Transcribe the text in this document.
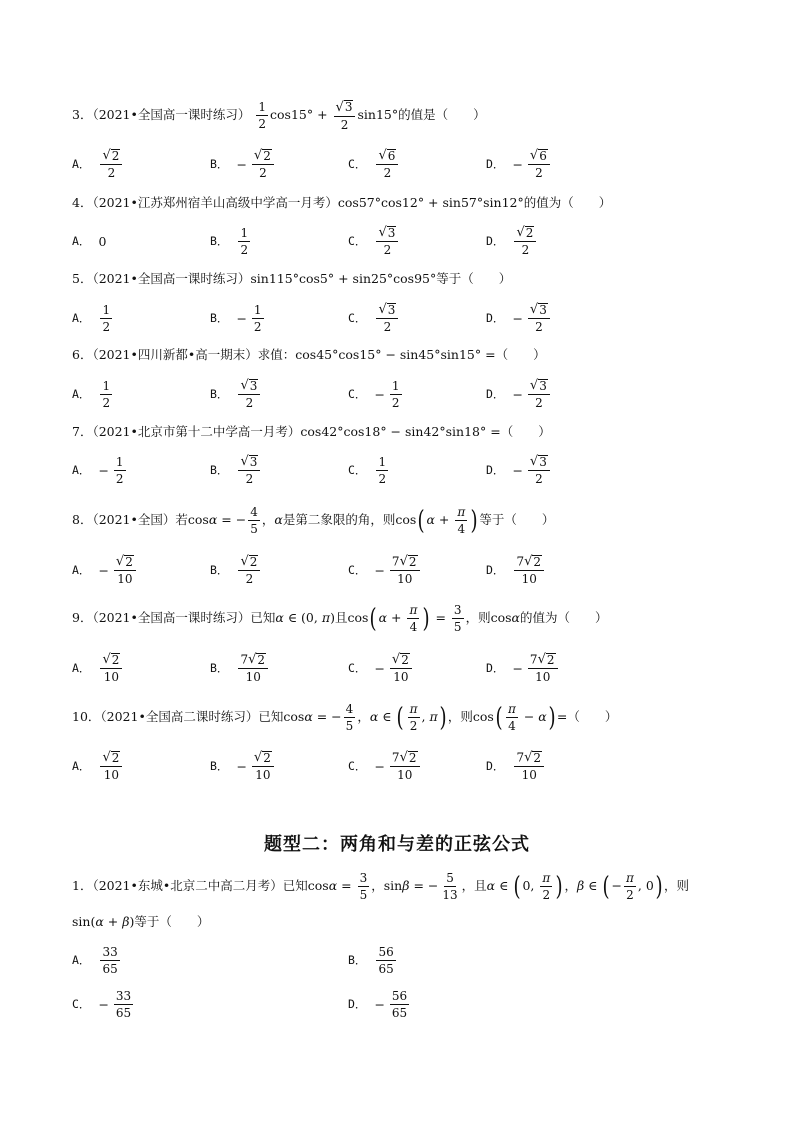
3．（2021•全国高一课时练习） $\frac{1}{2} \cos 15^\circ + \frac{√ 3}{2} \sin 15^\circ$的值是（　　）
A． $\frac{√ 2}{2}$	B． − $\frac{√ 2}{2}$	C． $\frac{√ 6}{2}$	D． − $\frac{√ 6}{2}$
4．（2021•江苏郑州宿羊山高级中学高一月考）cos57°cos12° + sin57°sin12°的值为（　　）
A． 0	B． $\frac{1}{2}$	C． $\frac{√ 3}{2}$	D． $\frac{√ 2}{2}$
5．（2021•全国高一课时练习）sin115°cos5° + sin25°cos95°等于（　　）
A． $\frac{1}{2}$	B． − $\frac{1}{2}$	C． $\frac{√ 3}{2}$	D． − $\frac{√ 3}{2}$
6．（2021•四川新都•高一期末）求值：cos45°cos15° − sin45°sin15° =（　　）
A． $\frac{1}{2}$	B． $\frac{√ 3}{2}$	C． − $\frac{1}{2}$	D． − $\frac{√ 3}{2}$
7．（2021•北京市第十二中学高一月考）cos42°cos18° − sin42°sin18° =（　　）
A． − $\frac{1}{2}$	B． $\frac{√ 3}{2}$	C． $\frac{1}{2}$	D． − $\frac{√ 3}{2}$
8．（2021•全国）若cosα = − $\frac{4}{5}$ ，α是第二象限的角，则cos( $\alpha + \frac{\pi}{4}$ ) 等于（　　）
A． − $\frac{√ 2}{10}$	B． $\frac{√ 2}{2}$	C． − $\frac{7 √ 2}{10}$	D． $\frac{7 √ 2}{10}$
9．（2021•全国高一课时练习）已知α ∈ (0, π)且cos( $\alpha + \frac{\pi}{4}$ ) = $\frac{3}{5}$ ，则cosα的值为（　　）
A． $\frac{√ 2}{10}$	B． $\frac{7 √ 2}{10}$	C． − $\frac{√ 2}{10}$	D． − $\frac{7 √ 2}{10}$
10．（2021•全国高二课时练习）已知cosα = − $\frac{4}{5}$ ，α ∈ ( $\frac{\pi}{2}$ , π) ，则$\cos( \frac{\pi}{4} - \alpha)$ =（　　）
A． $\frac{√ 2}{10}$	B． − $\frac{√ 2}{10}$	C． − $\frac{7 √ 2}{10}$	D． $\frac{7 √ 2}{10}$
题型二：两角和与差的正弦公式
1．（2021•东城•北京二中高二月考）已知$\cos\alpha = \frac{3}{5}$ ，sinβ = − $\frac{5}{13}$ ，且α ∈ ( 0, $\frac{\pi}{2}$ ) ，β ∈ ( − $\frac{\pi}{2}$ , 0) ，则
sin(α + β)等于（　　）
A． $\frac{33}{65}$	B． $\frac{56}{65}$
C． − $\frac{33}{65}$	D． − $\frac{56}{65}$
